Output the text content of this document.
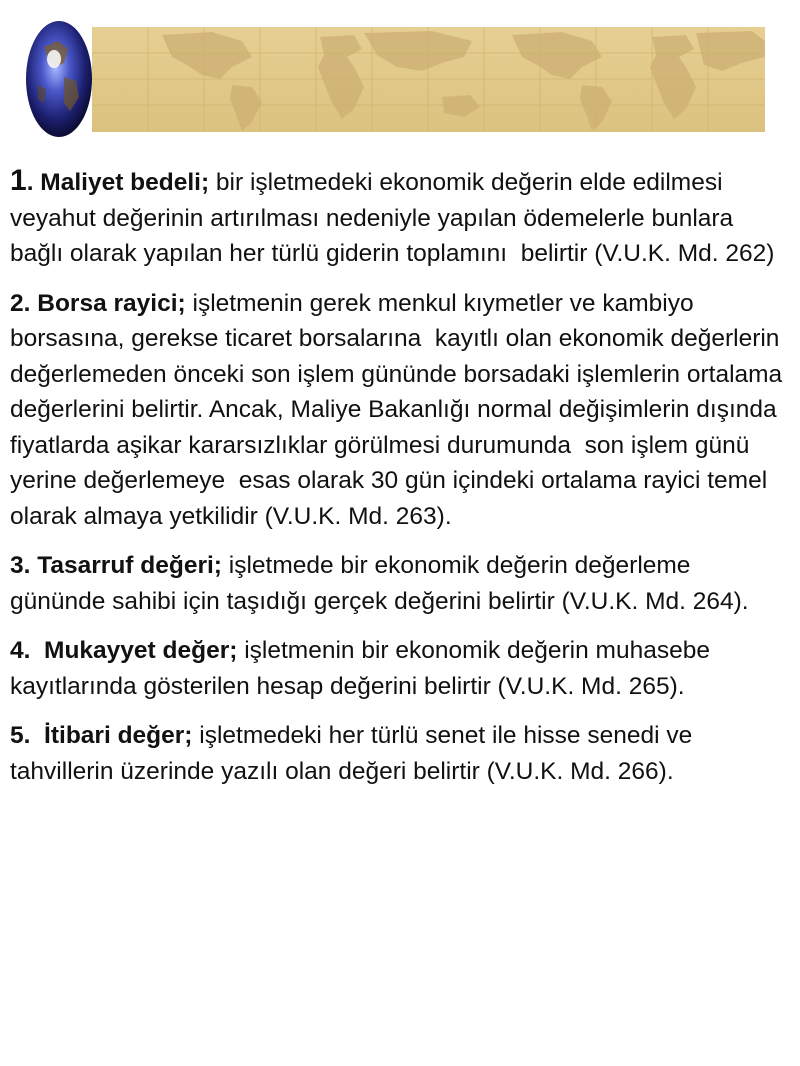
1. Maliyet bedeli; bir işletmedeki ekonomik değerin elde edilmesi veyahut değerinin artırılması nedeniyle yapılan ödemelerle bunlara  bağlı olarak yapılan her türlü giderin toplamını  belirtir (V.U.K. Md. 262)

2. Borsa rayici; işletmenin gerek menkul kıymetler ve kambiyo borsasına, gerekse ticaret borsalarına  kayıtlı olan ekonomik değerlerin değerlemeden önceki son işlem gününde borsadaki işlemlerin ortalama değerlerini belirtir. Ancak, Maliye Bakanlığı normal değişimlerin dışında fiyatlarda aşikar kararsızlıklar görülmesi durumunda  son işlem günü yerine değerlemeye  esas olarak 30 gün içindeki ortalama rayici temel olarak almaya yetkilidir (V.U.K. Md. 263).

3. Tasarruf değeri; işletmede bir ekonomik değerin değerleme gününde sahibi için taşıdığı gerçek değerini belirtir (V.U.K. Md. 264).

4.  Mukayyet değer; işletmenin bir ekonomik değerin muhasebe kayıtlarında gösterilen hesap değerini belirtir (V.U.K. Md. 265).

5.  İtibari değer; işletmedeki her türlü senet ile hisse senedi ve tahvillerin üzerinde yazılı olan değeri belirtir (V.U.K. Md. 266).
